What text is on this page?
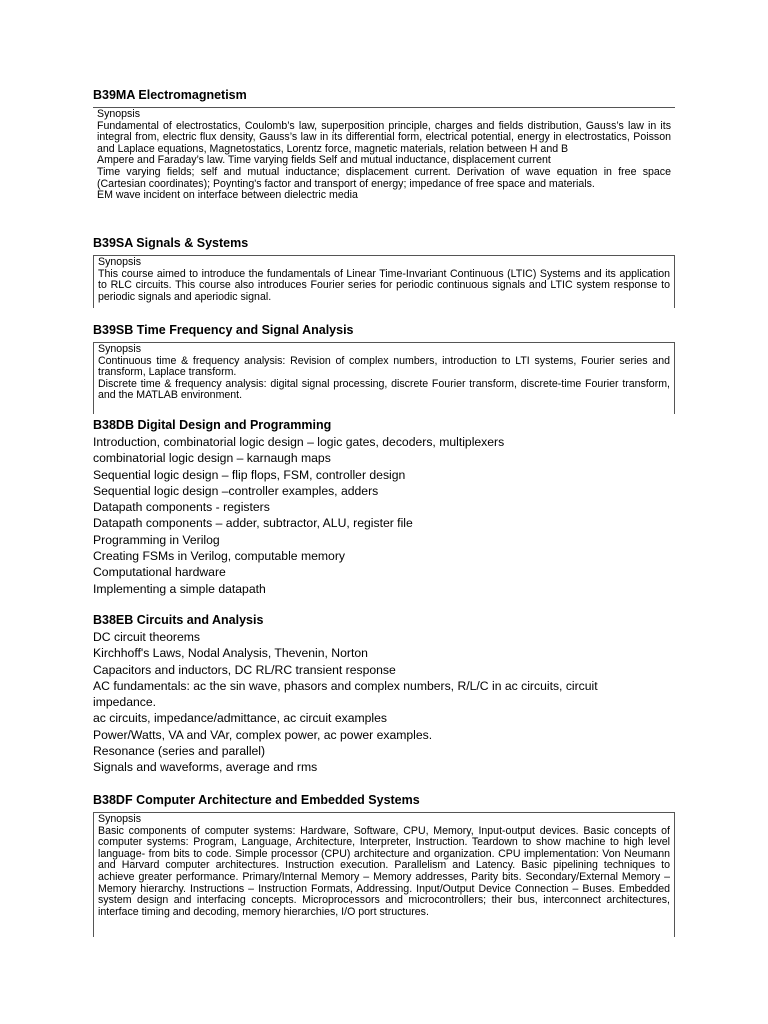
B39MA Electromagnetism
Synopsis
Fundamental of electrostatics, Coulomb’s law, superposition principle, charges and fields distribution, Gauss’s law in its integral from, electric flux density, Gauss’s law in its differential form, electrical potential, energy in electrostatics, Poisson and Laplace equations, Magnetostatics, Lorentz force, magnetic materials, relation between H and B
Ampere and Faraday’s law. Time varying fields Self and mutual inductance, displacement current
Time varying fields; self and mutual inductance; displacement current. Derivation of wave equation in free space (Cartesian coordinates); Poynting's factor and transport of energy; impedance of free space and materials.
EM wave incident on interface between dielectric media
B39SA Signals & Systems
Synopsis
This course aimed to introduce the fundamentals of Linear Time-Invariant Continuous (LTIC) Systems and its application to RLC circuits. This course also introduces Fourier series for periodic continuous signals and LTIC system response to periodic signals and aperiodic signal.
B39SB Time Frequency and Signal Analysis
Synopsis
Continuous time & frequency analysis: Revision of complex numbers, introduction to LTI systems, Fourier series and transform, Laplace transform.
Discrete time & frequency analysis: digital signal processing, discrete Fourier transform, discrete-time Fourier transform, and the MATLAB environment.
B38DB Digital Design and Programming
Introduction, combinatorial logic design – logic gates, decoders, multiplexers
combinatorial logic design – karnaugh maps
Sequential logic design – flip flops, FSM, controller design
Sequential logic design –controller examples, adders
Datapath components - registers
Datapath components – adder, subtractor, ALU, register file
Programming in Verilog
Creating FSMs in Verilog, computable memory
Computational hardware
Implementing a simple datapath
B38EB Circuits and Analysis
DC circuit theorems
Kirchhoff's Laws, Nodal Analysis, Thevenin, Norton
Capacitors and inductors, DC RL/RC transient response
AC fundamentals: ac the sin wave, phasors and complex numbers, R/L/C in ac circuits, circuit impedance.
ac circuits, impedance/admittance, ac circuit examples
Power/Watts, VA and VAr, complex power, ac power examples.
Resonance (series and parallel)
Signals and waveforms, average and rms
B38DF Computer Architecture and Embedded Systems
Synopsis
Basic components of computer systems: Hardware, Software, CPU, Memory, Input-output devices. Basic concepts of computer systems: Program, Language, Architecture, Interpreter, Instruction. Teardown to show machine to high level language- from bits to code. Simple processor (CPU) architecture and organization. CPU implementation: Von Neumann and Harvard computer architectures. Instruction execution. Parallelism and Latency. Basic pipelining techniques to achieve greater performance. Primary/Internal Memory – Memory addresses, Parity bits. Secondary/External Memory – Memory hierarchy. Instructions – Instruction Formats, Addressing. Input/Output Device Connection – Buses. Embedded system design and interfacing concepts. Microprocessors and microcontrollers; their bus, interconnect architectures, interface timing and decoding, memory hierarchies, I/O port structures.
